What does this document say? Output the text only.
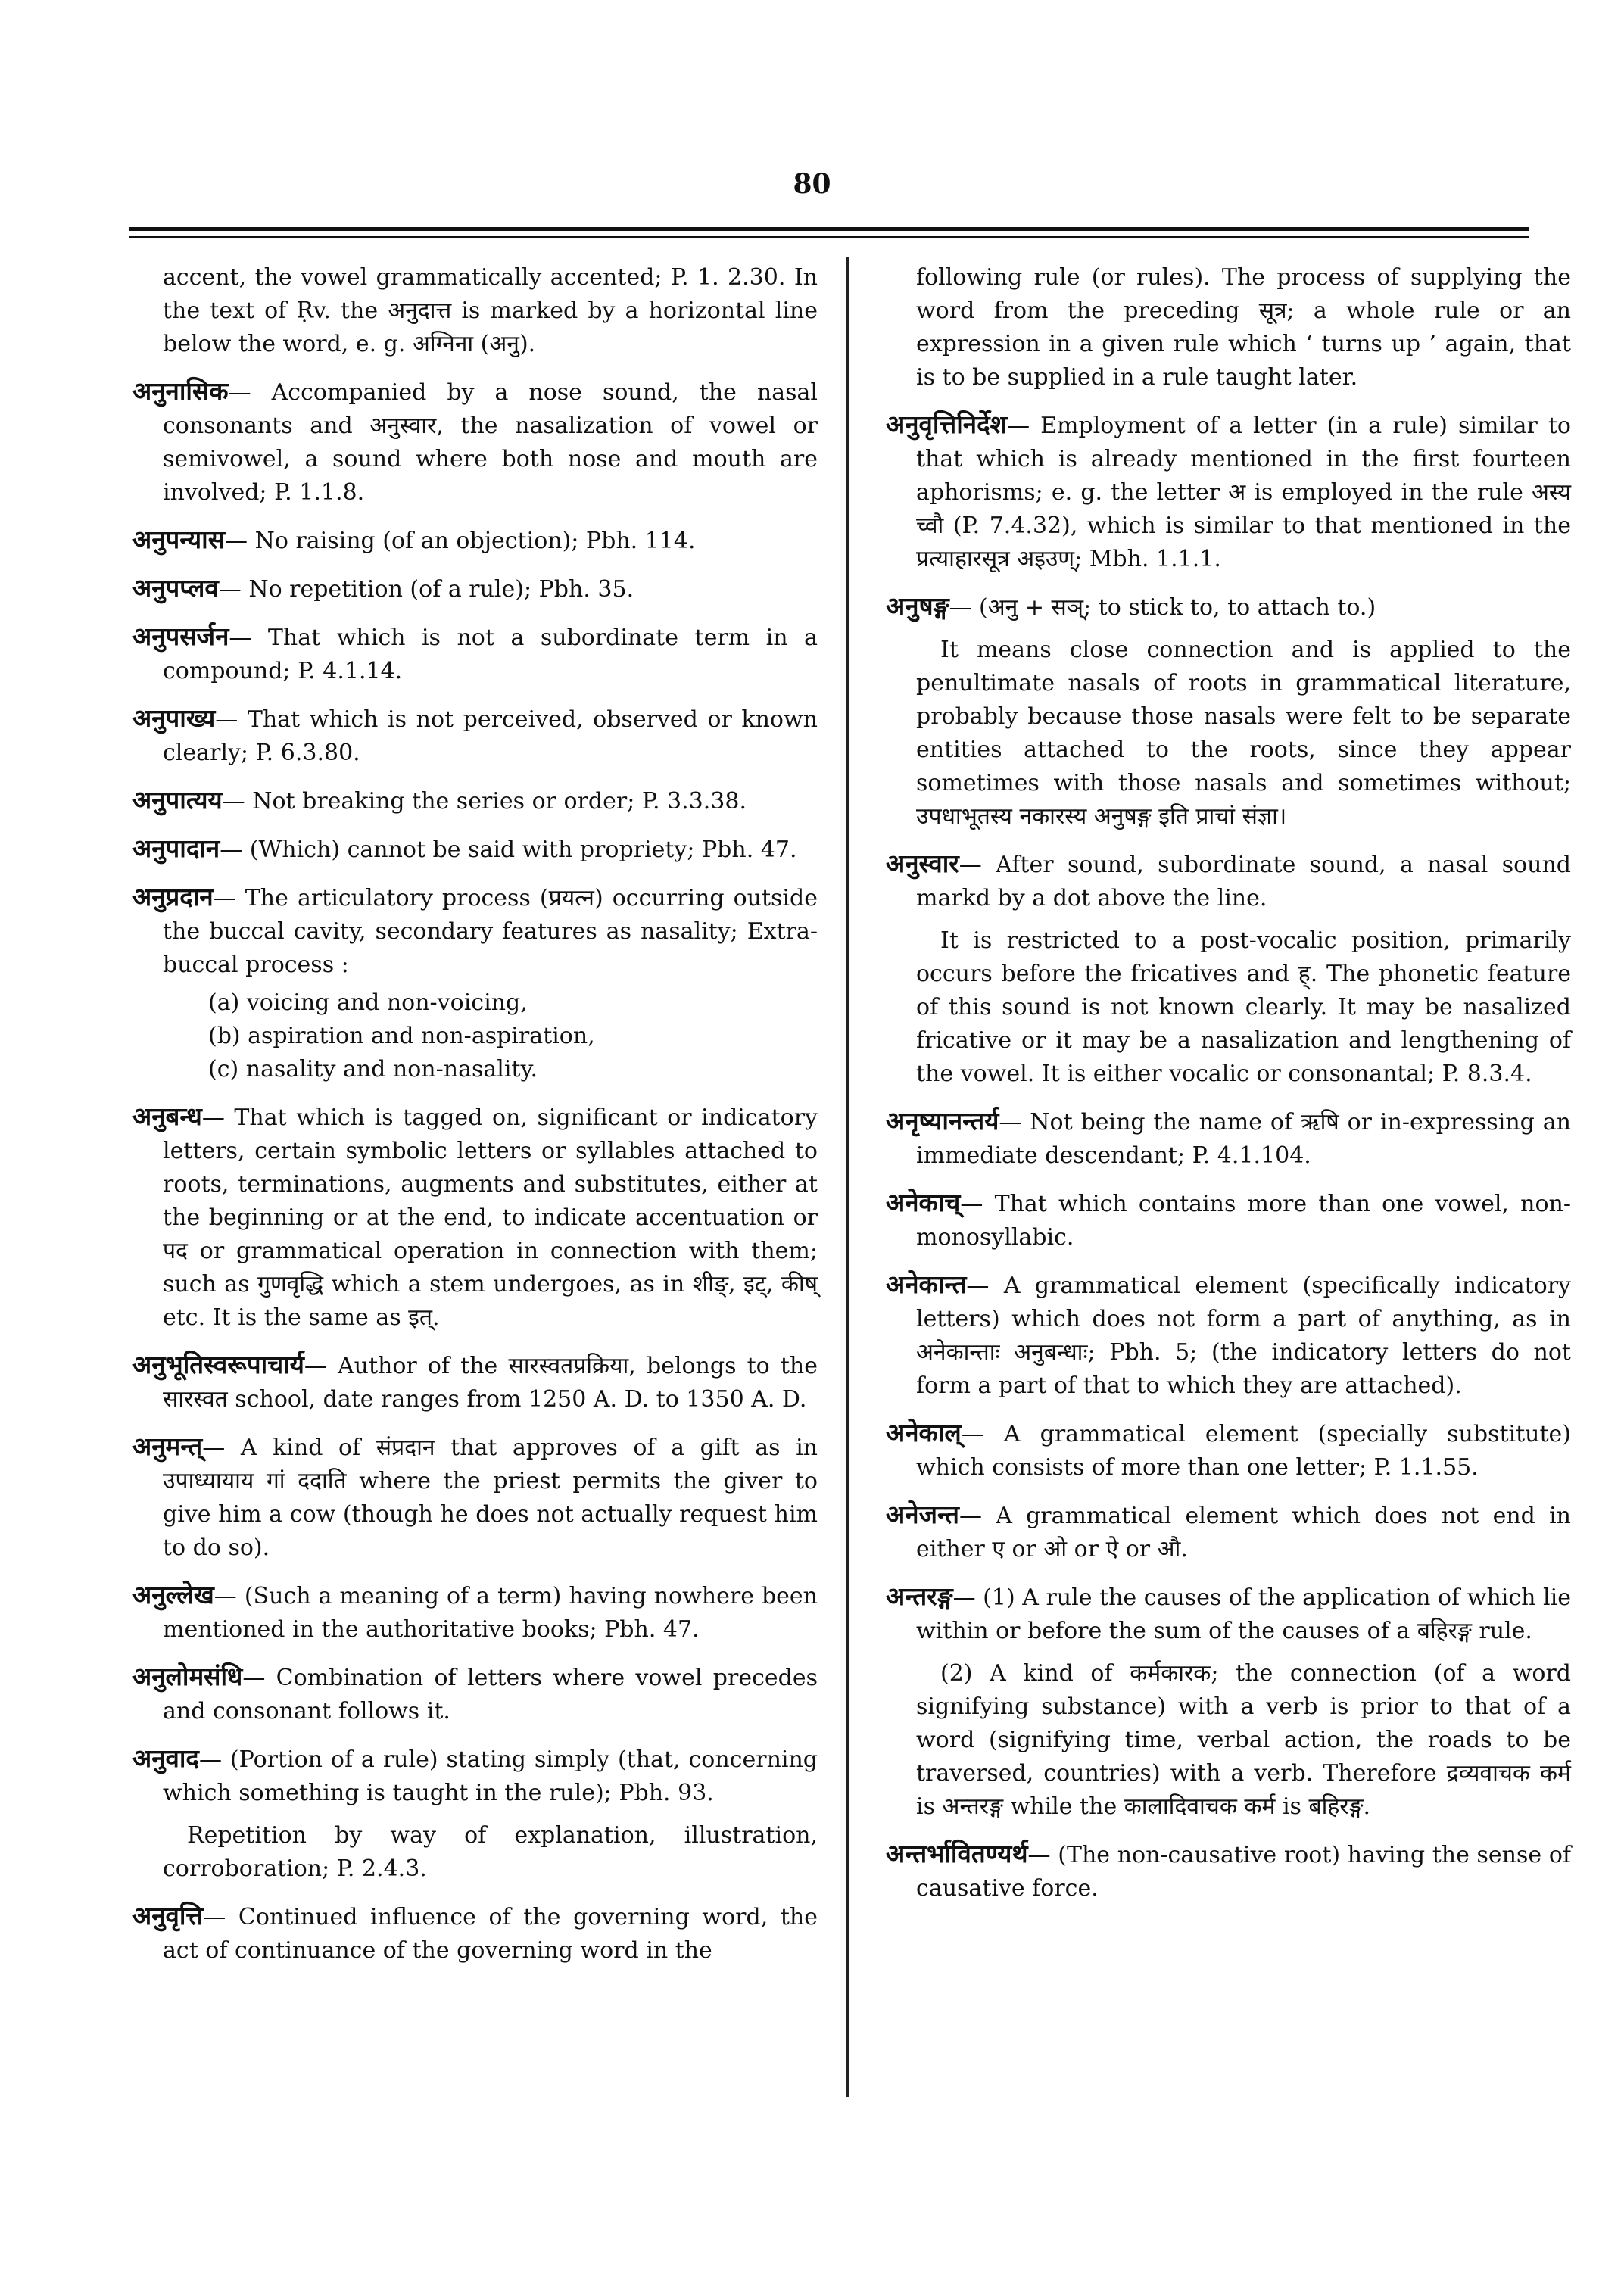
80
accent, the vowel grammatically accented; P. 1. 2.30. In the text of Ṛv. the अनुदात्त is marked by a horizontal line below the word, e. g. अग्निना (अनु).
अनुनासिक— Accompanied by a nose sound, the nasal consonants and अनुस्वार, the nasalization of vowel or semivowel, a sound where both nose and mouth are involved; P. 1.1.8.
अनुपन्यास— No raising (of an objection); Pbh. 114.
अनुपप्लव— No repetition (of a rule); Pbh. 35.
अनुपसर्जन— That which is not a subordinate term in a compound; P. 4.1.14.
अनुपाख्य— That which is not perceived, observed or known clearly; P. 6.3.80.
अनुपात्यय— Not breaking the series or order; P. 3.3.38.
अनुपादान— (Which) cannot be said with propriety; Pbh. 47.
अनुप्रदान— The articulatory process (प्रयत्न) occurring outside the buccal cavity, secondary features as nasality; Extra-buccal process :
(a) voicing and non-voicing,
(b) aspiration and non-aspiration,
(c) nasality and non-nasality.
अनुबन्ध— That which is tagged on, significant or indicatory letters, certain symbolic letters or syllables attached to roots, terminations, augments and substitutes, either at the beginning or at the end, to indicate accentuation or पद or grammatical operation in connection with them; such as गुणवृद्धि which a stem undergoes, as in शीङ्, इट्, कीष् etc. It is the same as इत्.
अनुभूतिस्वरूपाचार्य— Author of the सारस्वतप्रक्रिया, belongs to the सारस्वत school, date ranges from 1250 A. D. to 1350 A. D.
अनुमन्त्— A kind of संप्रदान that approves of a gift as in उपाध्यायाय गां ददाति where the priest permits the giver to give him a cow (though he does not actually request him to do so).
अनुल्लेख— (Such a meaning of a term) having nowhere been mentioned in the authoritative books; Pbh. 47.
अनुलोमसंधि— Combination of letters where vowel precedes and consonant follows it.
अनुवाद— (Portion of a rule) stating simply (that, concerning which something is taught in the rule); Pbh. 93.
Repetition by way of explanation, illustration, corroboration; P. 2.4.3.
अनुवृत्ति— Continued influence of the governing word, the act of continuance of the governing word in the
following rule (or rules). The process of supplying the word from the preceding सूत्र; a whole rule or an expression in a given rule which ‘ turns up ’ again, that is to be supplied in a rule taught later.
अनुवृत्तिनिर्देश— Employment of a letter (in a rule) similar to that which is already mentioned in the first fourteen aphorisms; e. g. the letter अ is employed in the rule अस्य च्वौ (P. 7.4.32), which is similar to that mentioned in the प्रत्याहारसूत्र अइउण्; Mbh. 1.1.1.
अनुषङ्ग— (अनु + सञ्; to stick to, to attach to.)
It means close connection and is applied to the penultimate nasals of roots in grammatical literature, probably because those nasals were felt to be separate entities attached to the roots, since they appear sometimes with those nasals and sometimes without; उपधाभूतस्य नकारस्य अनुषङ्ग इति प्राचां संज्ञा।
अनुस्वार— After sound, subordinate sound, a nasal sound markd by a dot above the line.
It is restricted to a post-vocalic position, primarily occurs before the fricatives and ह्. The phonetic feature of this sound is not known clearly. It may be nasalized fricative or it may be a nasalization and lengthening of the vowel. It is either vocalic or consonantal; P. 8.3.4.
अनृष्यानन्तर्य— Not being the name of ऋषि or in-expressing an immediate descendant; P. 4.1.104.
अनेकाच्— That which contains more than one vowel, non-monosyllabic.
अनेकान्त— A grammatical element (specifically indicatory letters) which does not form a part of anything, as in अनेकान्ताः अनुबन्धाः; Pbh. 5; (the indicatory letters do not form a part of that to which they are attached).
अनेकाल्— A grammatical element (specially substitute) which consists of more than one letter; P. 1.1.55.
अनेजन्त— A grammatical element which does not end in either ए or ओ or ऐ or औ.
अन्तरङ्ग— (1) A rule the causes of the application of which lie within or before the sum of the causes of a बहिरङ्ग rule.
(2) A kind of कर्मकारक; the connection (of a word signifying substance) with a verb is prior to that of a word (signifying time, verbal action, the roads to be traversed, countries) with a verb. Therefore द्रव्यवाचक कर्म is अन्तरङ्ग while the कालादिवाचक कर्म is बहिरङ्ग.
अन्तर्भावितण्यर्थ— (The non-causative root) having the sense of causative force.
